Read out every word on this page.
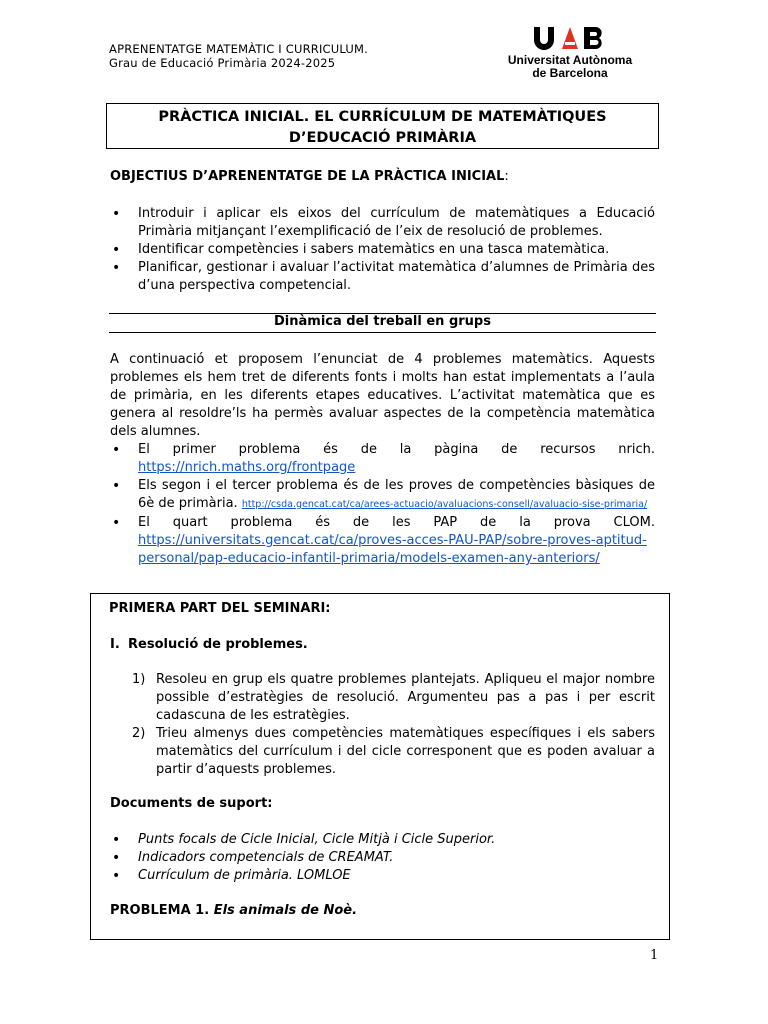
APRENENTATGE MATEMÀTIC I CURRICULUM.
Grau de Educació Primària 2024-2025	Universitat Autònoma
de Barcelona
PRÀCTICA INICIAL. EL CURRÍCULUM DE MATEMÀTIQUES D’EDUCACIÓ PRIMÀRIA
OBJECTIUS D’APRENENTATGE DE LA PRÀCTICA INICIAL:
• Introduir i aplicar els eixos del currículum de matemàtiques a Educació Primària mitjançant l’exemplificació de l’eix de resolució de problemes.
• Identificar competències i sabers matemàtics en una tasca matemàtica.
• Planificar, gestionar i avaluar l’activitat matemàtica d’alumnes de Primària des d’una perspectiva competencial.
Dinàmica del treball en grups
A continuació et proposem l’enunciat de 4 problemes matemàtics. Aquests problemes els hem tret de diferents fonts i molts han estat implementats a l’aula de primària, en les diferents etapes educatives. L’activitat matemàtica que es genera al resoldre’ls ha permès avaluar aspectes de la competència matemàtica dels alumnes.
• El primer problema és de la pàgina de recursos nrich.
https://nrich.maths.org/frontpage
• Els segon i el tercer problema és de les proves de competències bàsiques de 6è de primària. http://csda.gencat.cat/ca/arees-actuacio/avaluacions-consell/avaluacio-sise-primaria/
• El quart problema és de les PAP de la prova CLOM.
https://universitats.gencat.cat/ca/proves-acces-PAU-PAP/sobre-proves-aptitud-personal/pap-educacio-infantil-primaria/models-examen-any-anteriors/
PRIMERA PART DEL SEMINARI:
I. Resolució de problemes.
1) Resoleu en grup els quatre problemes plantejats. Apliqueu el major nombre possible d’estratègies de resolució. Argumenteu pas a pas i per escrit cadascuna de les estratègies.
2) Trieu almenys dues competències matemàtiques específiques i els sabers matemàtics del currículum i del cicle corresponent que es poden avaluar a partir d’aquests problemes.
Documents de suport:
• Punts focals de Cicle Inicial, Cicle Mitjà i Cicle Superior.
• Indicadors competencials de CREAMAT.
• Currículum de primària. LOMLOE
PROBLEMA 1. Els animals de Noè.
1
